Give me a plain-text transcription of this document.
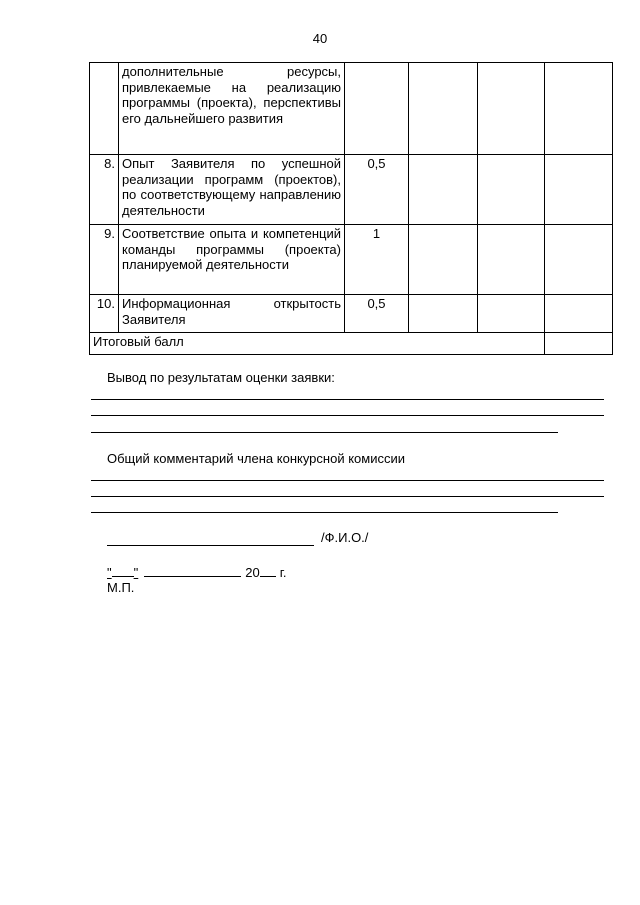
40
	дополнительные ресурсы, привлекаемые на реализацию программы (проекта), перспективы его дальнейшего развития				
8.	Опыт Заявителя по успешной реализации программ (проектов), по соответствующему направлению деятельности	0,5			
9.	Соответствие опыта и компетенций команды программы (проекта) планируемой деятельности	1			
10.	Информационная открытость Заявителя	0,5			
Итоговый балл					
Вывод по результатам оценки заявки:
Общий комментарий члена конкурсной комиссии
/Ф.И.О./
" "	20 г.
М.П.
